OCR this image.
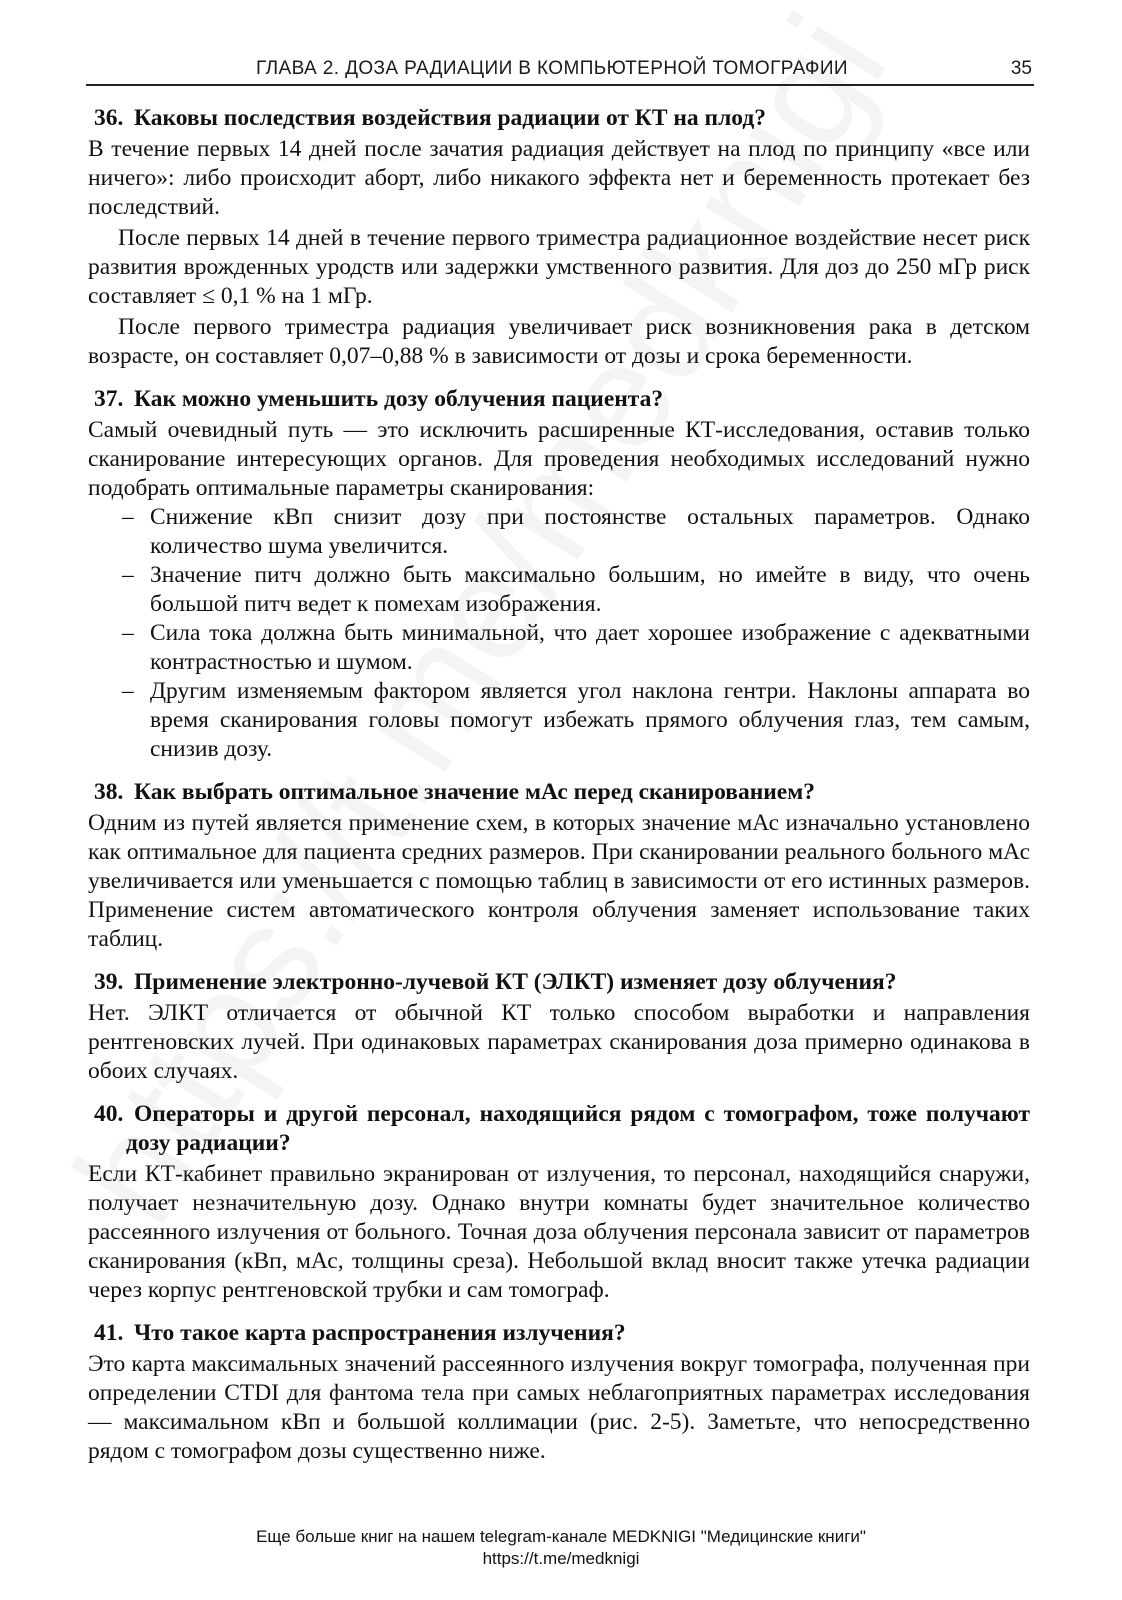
ГЛАВА 2. ДОЗА РАДИАЦИИ В КОМПЬЮТЕРНОЙ ТОМОГРАФИИ	35
36. Каковы последствия воздействия радиации от КТ на плод?

В течение первых 14 дней после зачатия радиация действует на плод по принципу «все или ничего»: либо происходит аборт, либо никакого эффекта нет и беременность протекает без последствий.

После первых 14 дней в течение первого триместра радиационное воздействие несет риск развития врожденных уродств или задержки умственного развития. Для доз до 250 мГр риск составляет ≤ 0,1 % на 1 мГр.

После первого триместра радиация увеличивает риск возникновения рака в детском возрасте, он составляет 0,07–0,88 % в зависимости от дозы и срока беременности.

37. Как можно уменьшить дозу облучения пациента?

Самый очевидный путь — это исключить расширенные КТ-исследования, оставив только сканирование интересующих органов. Для проведения необходимых исследований нужно подобрать оптимальные параметры сканирования:

– Снижение кВп снизит дозу при постоянстве остальных параметров. Однако количество шума увеличится.
– Значение питч должно быть максимально большим, но имейте в виду, что очень большой питч ведет к помехам изображения.
– Сила тока должна быть минимальной, что дает хорошее изображение с адекватными контрастностью и шумом.
– Другим изменяемым фактором является угол наклона гентри. Наклоны аппарата во время сканирования головы помогут избежать прямого облучения глаз, тем самым, снизив дозу.
38. Как выбрать оптимальное значение мАс перед сканированием?

Одним из путей является применение схем, в которых значение мАс изначально установлено как оптимальное для пациента средних размеров. При сканировании реального больного мАс увеличивается или уменьшается с помощью таблиц в зависимости от его истинных размеров. Применение систем автоматического контроля облучения заменяет использование таких таблиц.

39. Применение электронно-лучевой КТ (ЭЛКТ) изменяет дозу облучения?

Нет. ЭЛКТ отличается от обычной КТ только способом выработки и направления рентгеновских лучей. При одинаковых параметрах сканирования доза примерно одинакова в обоих случаях.

40. Операторы и другой персонал, находящийся рядом с томографом, тоже получают дозу радиации?

Если КТ-кабинет правильно экранирован от излучения, то персонал, находящийся снаружи, получает незначительную дозу. Однако внутри комнаты будет значительное количество рассеянного излучения от больного. Точная доза облучения персонала зависит от параметров сканирования (кВп, мАс, толщины среза). Небольшой вклад вносит также утечка радиации через корпус рентгеновской трубки и сам томограф.

41. Что такое карта распространения излучения?

Это карта максимальных значений рассеянного излучения вокруг томографа, полученная при определении CTDI для фантома тела при самых неблагоприятных параметрах исследования — максимальном кВп и большой коллимации (рис. 2-5). Заметьте, что непосредственно рядом с томографом дозы существенно ниже.

Еще больше книг на нашем telegram-канале MEDKNIGI "Медицинские книги"
https://t.me/medknigi
